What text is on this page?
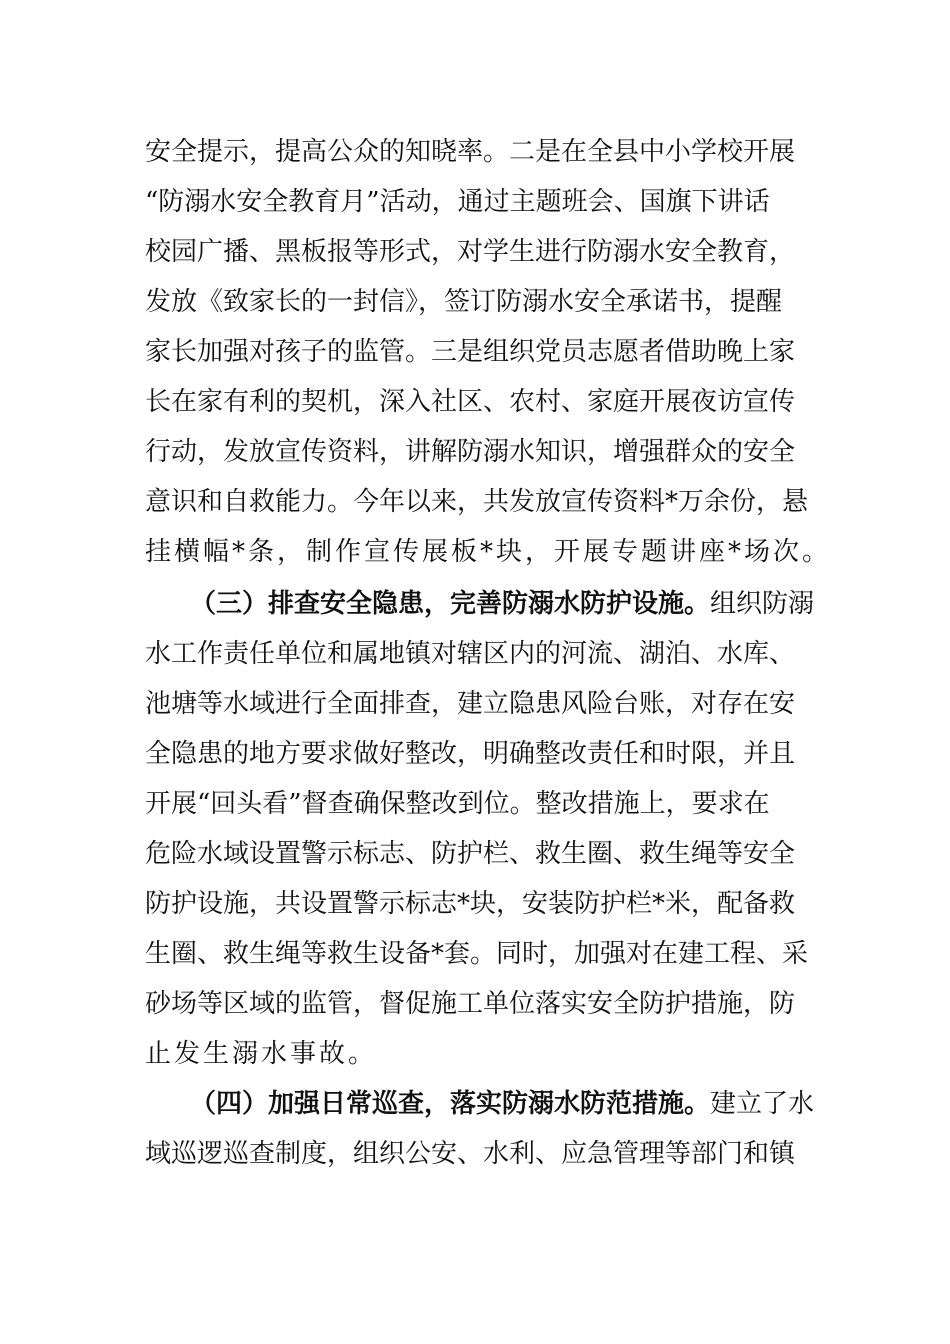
安全提示，提高公众的知晓率。二是在全县中小学校开展
“防溺水安全教育月”活动，通过主题班会、国旗下讲话
校园广播、黑板报等形式，对学生进行防溺水安全教育，
发放《致家长的一封信》，签订防溺水安全承诺书，提醒
家长加强对孩子的监管。三是组织党员志愿者借助晚上家
长在家有利的契机，深入社区、农村、家庭开展夜访宣传
行动，发放宣传资料，讲解防溺水知识，增强群众的安全
意识和自救能力。今年以来，共发放宣传资料*万余份，悬
挂横幅*条，制作宣传展板*块，开展专题讲座*场次。
（三）排查安全隐患，完善防溺水防护设施。 组织防溺
水工作责任单位和属地镇对辖区内的河流、湖泊、水库、
池塘等水域进行全面排查，建立隐患风险台账，对存在安
全隐患的地方要求做好整改，明确整改责任和时限，并且
开展“回头看”督查确保整改到位。整改措施上，要求在
危险水域设置警示标志、防护栏、救生圈、救生绳等安全
防护设施，共设置警示标志*块，安装防护栏*米，配备救
生圈、救生绳等救生设备*套。同时，加强对在建工程、采
砂场等区域的监管，督促施工单位落实安全防护措施，防
止发生溺水事故。
（四）加强日常巡查，落实防溺水防范措施。 建立了水
域巡逻巡查制度，组织公安、水利、应急管理等部门和镇
